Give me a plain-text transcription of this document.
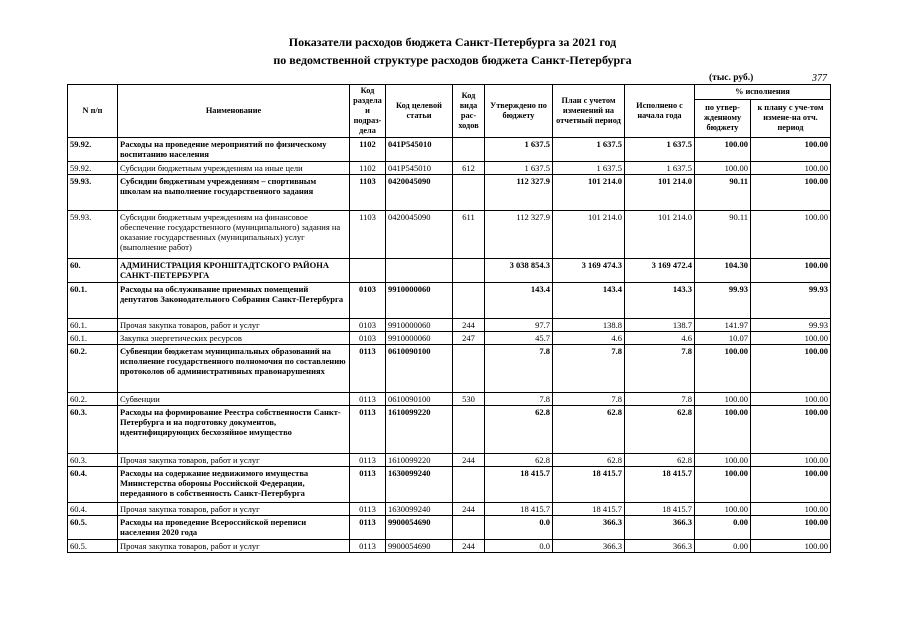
Показатели расходов бюджета Санкт-Петербурга за 2021 год
по ведомственной структуре расходов бюджета Санкт-Петербурга
(тыс. руб.)	377
N п/п	Наименование	Код раздела и подраз-дела	Код целевой статьи	Код вида рас-ходов	Утверждено по бюджету	План с учетом изменений на отчетный период	Исполнено с начала года	% исполнения	
								по утвер-жденному бюджету	к плану с уче-том измене-на отч. период
59.92.	Расходы на проведение мероприятий по физическому воспитанию населения	1102	041P545010		1 637.5	1 637.5	1 637.5	100.00	100.00
59.92.	Субсидии бюджетным учреждениям на иные цели	1102	041P545010	612	1 637.5	1 637.5	1 637.5	100.00	100.00
59.93.	Субсидии бюджетным учреждениям – спортивным школам на выполнение государственного задания	1103	0420045090		112 327.9	101 214.0	101 214.0	90.11	100.00
59.93.	Субсидии бюджетным учреждениям на финансовое обеспечение государственного (муниципального) задания на оказание государственных (муниципальных) услуг (выполнение работ)	1103	0420045090	611	112 327.9	101 214.0	101 214.0	90.11	100.00
60.	АДМИНИСТРАЦИЯ КРОНШТАДТСКОГО РАЙОНА САНКТ-ПЕТЕРБУРГА				3 038 854.3	3 169 474.3	3 169 472.4	104.30	100.00
60.1.	Расходы на обслуживание приемных помещений депутатов Законодательного Собрания Санкт-Петербурга	0103	9910000060		143.4	143.4	143.3	99.93	99.93
60.1.	Прочая закупка товаров, работ и услуг	0103	9910000060	244	97.7	138.8	138.7	141.97	99.93
60.1.	Закупка энергетических ресурсов	0103	9910000060	247	45.7	4.6	4.6	10.07	100.00
60.2.	Субвенции бюджетам муниципальных образований на исполнение государственного полномочия по составлению протоколов об административных правонарушениях	0113	0610090100		7.8	7.8	7.8	100.00	100.00
60.2.	Субвенции	0113	0610090100	530	7.8	7.8	7.8	100.00	100.00
60.3.	Расходы на формирование Реестра собственности Санкт-Петербурга и на подготовку документов, идентифицирующих бесхозяйное имущество	0113	1610099220		62.8	62.8	62.8	100.00	100.00
60.3.	Прочая закупка товаров, работ и услуг	0113	1610099220	244	62.8	62.8	62.8	100.00	100.00
60.4.	Расходы на содержание недвижимого имущества Министерства обороны Российской Федерации, переданного в собственность Санкт-Петербурга	0113	1630099240		18 415.7	18 415.7	18 415.7	100.00	100.00
60.4.	Прочая закупка товаров, работ и услуг	0113	1630099240	244	18 415.7	18 415.7	18 415.7	100.00	100.00
60.5.	Расходы на проведение Всероссийской переписи населения 2020 года	0113	9900054690		0.0	366.3	366.3	0.00	100.00
60.5.	Прочая закупка товаров, работ и услуг	0113	9900054690	244	0.0	366.3	366.3	0.00	100.00
